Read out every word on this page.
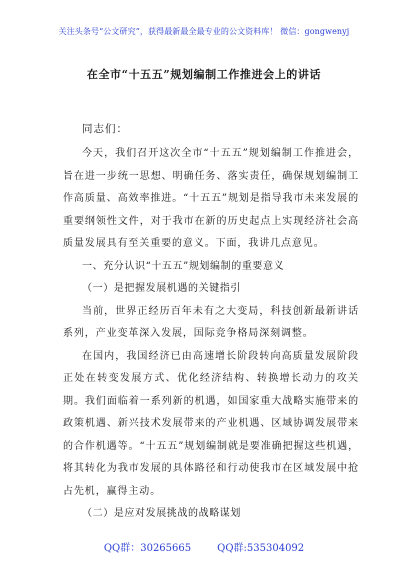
关注头条号“公文研究”，获得最新最全最专业的公文资料库！ 微信：gongwenyj
在全市“十五五”规划编制工作推进会上的讲话

同志们：

今天，我们召开这次全市“十五五”规划编制工作推进会，旨在进一步统一思想、明确任务、落实责任，确保规划编制工作高质量、高效率推进。“十五五”规划是指导我市未来发展的重要纲领性文件，对于我市在新的历史起点上实现经济社会高质量发展具有至关重要的意义。下面，我讲几点意见。

一、充分认识“十五五”规划编制的重要意义

（一）是把握发展机遇的关键指引

当前，世界正经历百年未有之大变局，科技创新最新讲话系列，产业变革深入发展，国际竞争格局深刻调整。

在国内，我国经济已由高速增长阶段转向高质量发展阶段正处在转变发展方式、优化经济结构、转换增长动力的攻关期。我们面临着一系列新的机遇，如国家重大战略实施带来的政策机遇、新兴技术发展带来的产业机遇、区域协调发展带来的合作机遇等。“十五五”规划编制就是要准确把握这些机遇，将其转化为我市发展的具体路径和行动使我市在区域发展中抢占先机，赢得主动。

（二）是应对发展挑战的战略谋划

QQ群：30265665	QQ群:535304092
